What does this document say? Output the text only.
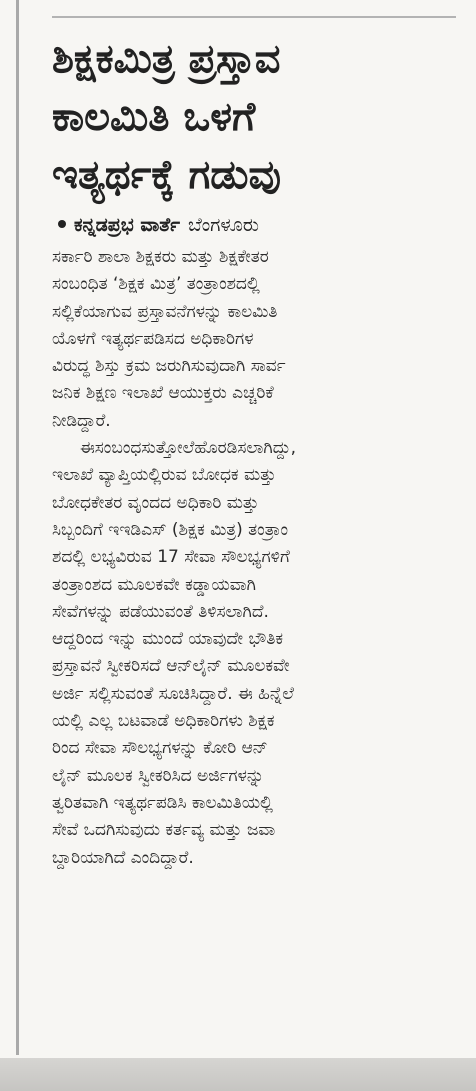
ಶಿಕ್ಷಕಮಿತ್ರ ಪ್ರಸ್ತಾವ
ಕಾಲಮಿತಿ ಒಳಗೆ
ಇತ್ಯರ್ಥಕ್ಕೆ ಗಡುವು
ಕನ್ನಡಪ್ರಭ ವಾರ್ತೆ ಬೆಂಗಳೂರು

ಸರ್ಕಾರಿ ಶಾಲಾ ಶಿಕ್ಷಕರು ಮತ್ತು ಶಿಕ್ಷಕೇತರ
ಸಂಬಂಧಿತ ‘ಶಿಕ್ಷಕ ಮಿತ್ರ’ ತಂತ್ರಾಂಶದಲ್ಲಿ
ಸಲ್ಲಿಕೆಯಾಗುವ ಪ್ರಸ್ತಾವನೆಗಳನ್ನು ಕಾಲಮಿತಿ
ಯೊಳಗೆ ಇತ್ಯರ್ಥಪಡಿಸದ ಅಧಿಕಾರಿಗಳ
ವಿರುದ್ಧ ಶಿಸ್ತು ಕ್ರಮ ಜರುಗಿಸುವುದಾಗಿ ಸಾರ್ವ
ಜನಿಕ ಶಿಕ್ಷಣ ಇಲಾಖೆ ಆಯುಕ್ತರು ಎಚ್ಚರಿಕೆ
ನೀಡಿದ್ದಾರೆ.

ಈಸಂಬಂಧಸುತ್ತೋಲೆಹೊರಡಿಸಲಾಗಿದ್ದು,
ಇಲಾಖೆ ವ್ಯಾಪ್ತಿಯಲ್ಲಿರುವ ಬೋಧಕ ಮತ್ತು
ಬೋಧಕೇತರ ವೃಂದದ ಅಧಿಕಾರಿ ಮತ್ತು
ಸಿಬ್ಬಂದಿಗೆ ಇಇಡಿಎಸ್ (ಶಿಕ್ಷಕ ಮಿತ್ರ) ತಂತ್ರಾಂ
ಶದಲ್ಲಿ ಲಭ್ಯವಿರುವ 17 ಸೇವಾ ಸೌಲಭ್ಯಗಳಿಗೆ
ತಂತ್ರಾಂಶದ ಮೂಲಕವೇ ಕಡ್ಡಾಯವಾಗಿ
ಸೇವೆಗಳನ್ನು ಪಡೆಯುವಂತೆ ತಿಳಿಸಲಾಗಿದೆ.
ಆದ್ದರಿಂದ ಇನ್ನು ಮುಂದೆ ಯಾವುದೇ ಭೌತಿಕ
ಪ್ರಸ್ತಾವನೆ ಸ್ವೀಕರಿಸದೆ ಆನ್‌ಲೈನ್ ಮೂಲಕವೇ
ಅರ್ಜಿ ಸಲ್ಲಿಸುವಂತೆ ಸೂಚಿಸಿದ್ದಾರೆ. ಈ ಹಿನ್ನೆಲೆ
ಯಲ್ಲಿ ಎಲ್ಲ ಬಟವಾಡೆ ಅಧಿಕಾರಿಗಳು ಶಿಕ್ಷಕ
ರಿಂದ ಸೇವಾ ಸೌಲಭ್ಯಗಳನ್ನು ಕೋರಿ ಆನ್
ಲೈನ್ ಮೂಲಕ ಸ್ವೀಕರಿಸಿದ ಅರ್ಜಿಗಳನ್ನು
ತ್ವರಿತವಾಗಿ ಇತ್ಯರ್ಥಪಡಿಸಿ ಕಾಲಮಿತಿಯಲ್ಲಿ
ಸೇವೆ ಒದಗಿಸುವುದು ಕರ್ತವ್ಯ ಮತ್ತು ಜವಾ
ಬ್ದಾರಿಯಾಗಿದೆ ಎಂದಿದ್ದಾರೆ.
